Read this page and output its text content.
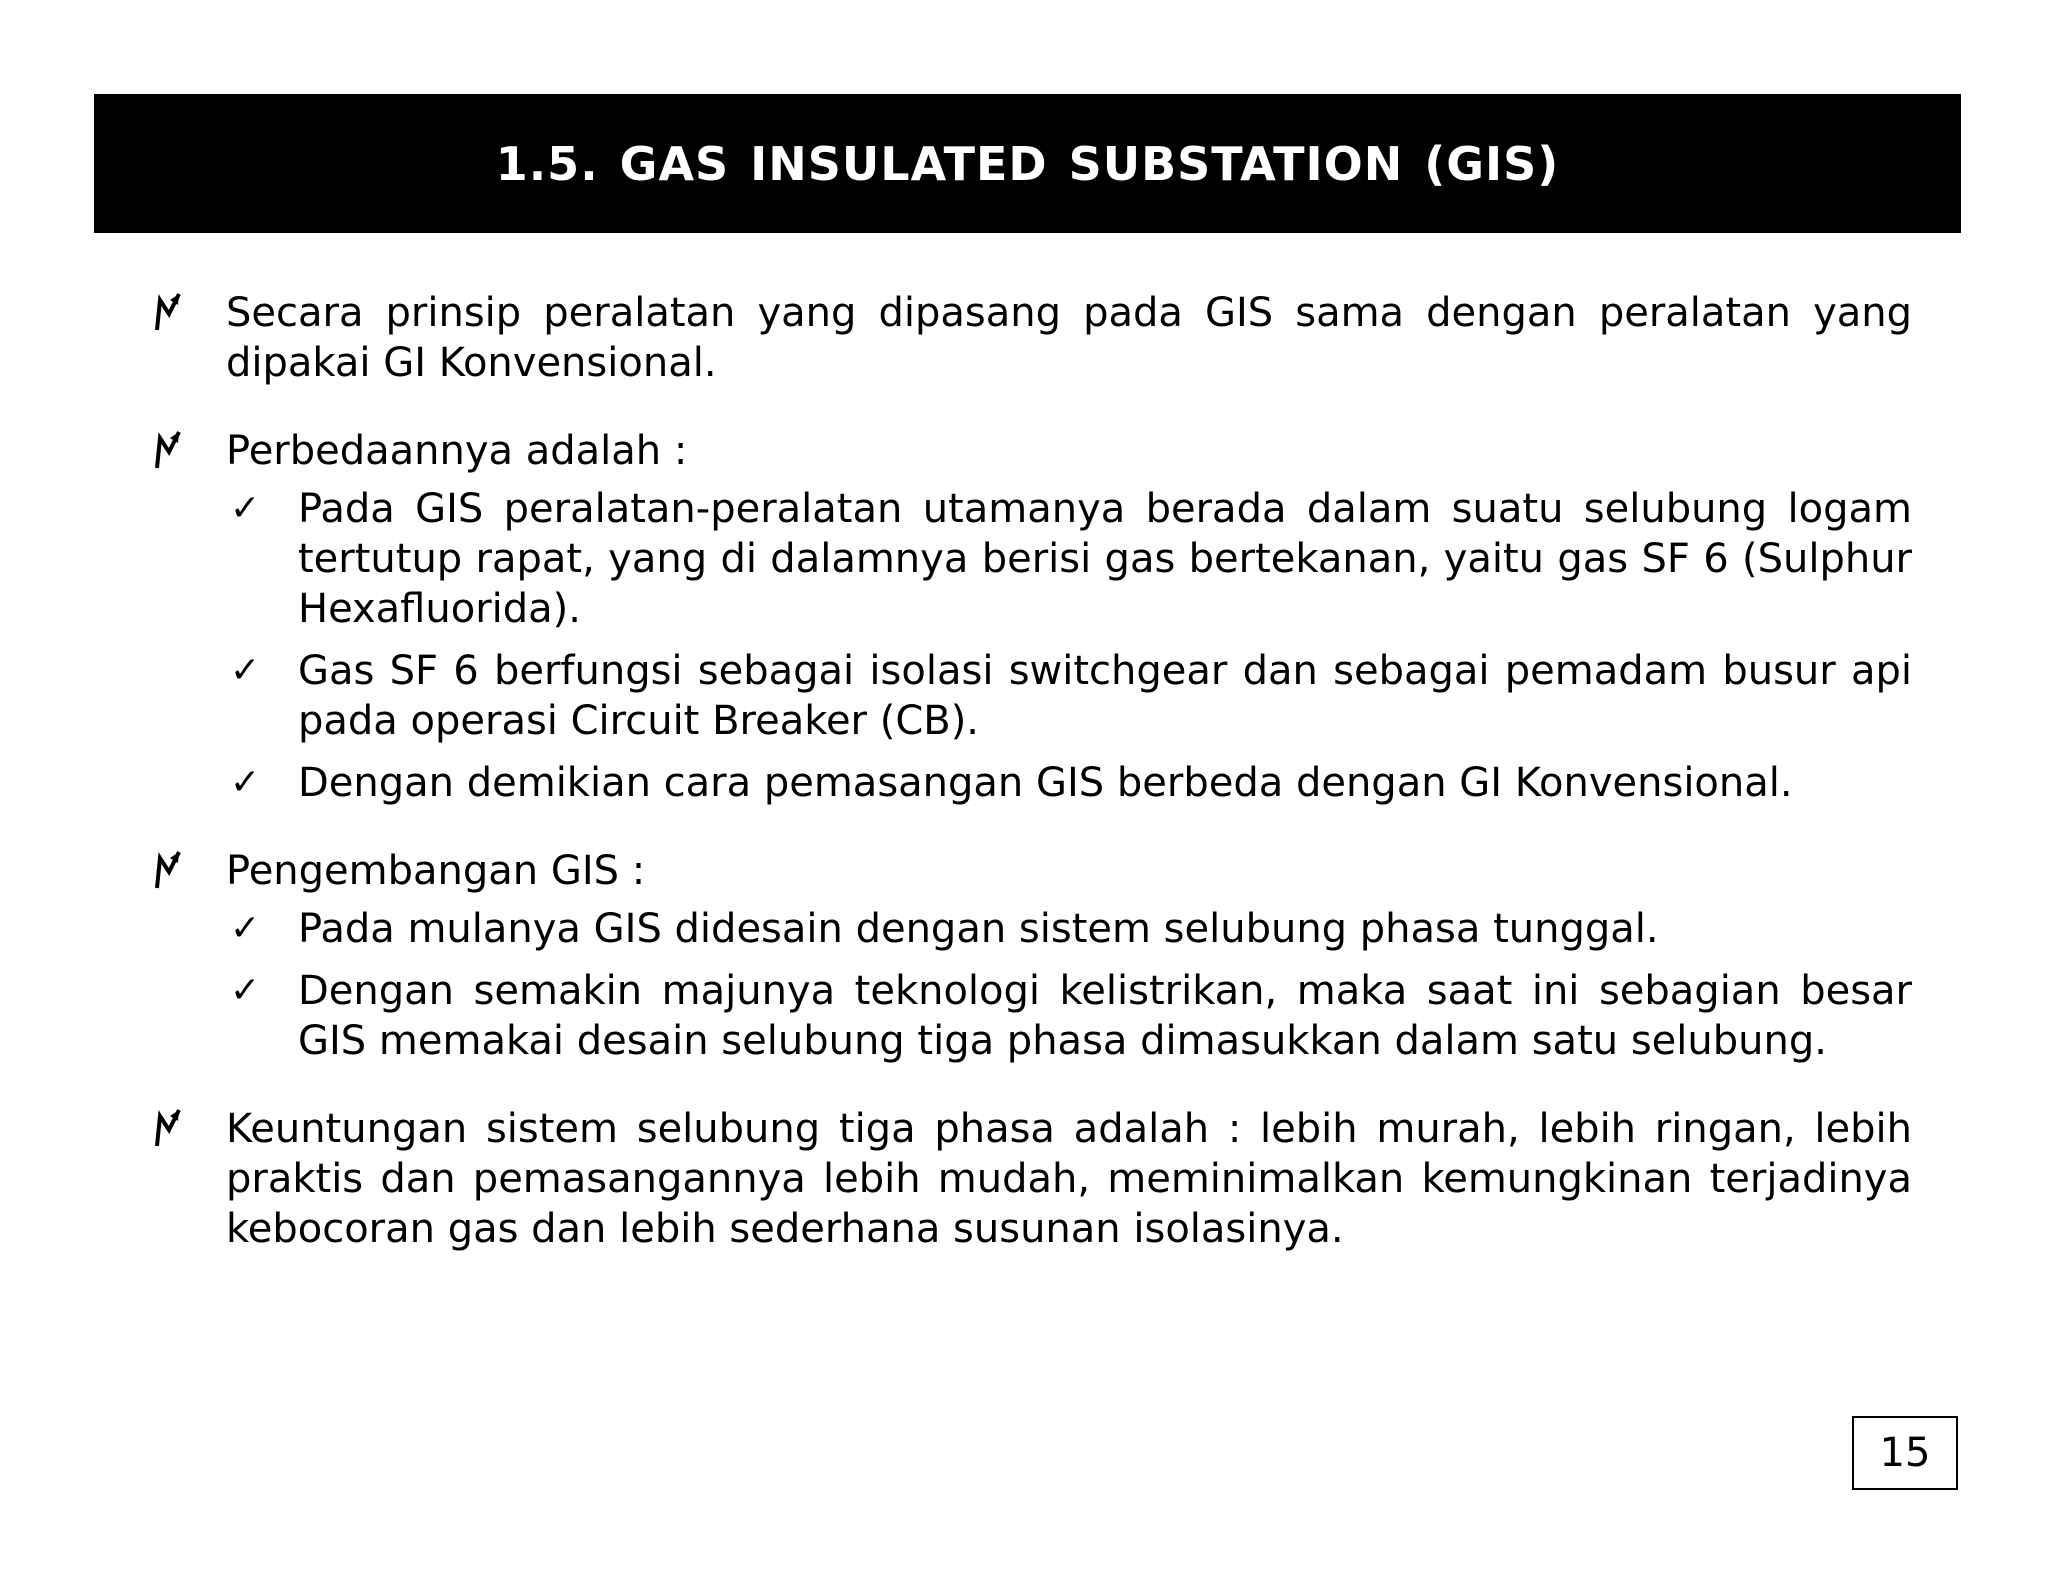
1.5. GAS INSULATED SUBSTATION (GIS)
Secara prinsip peralatan yang dipasang pada GIS sama dengan peralatan yang dipakai GI Konvensional.
Perbedaannya adalah :
✓ Pada GIS peralatan-peralatan utamanya berada dalam suatu selubung logam tertutup rapat, yang di dalamnya berisi gas bertekanan, yaitu gas SF 6 (Sulphur Hexafluorida).
✓ Gas SF 6 berfungsi sebagai isolasi switchgear dan sebagai pemadam busur api pada operasi Circuit Breaker (CB).
✓ Dengan demikian cara pemasangan GIS berbeda dengan GI Konvensional.
Pengembangan GIS :
✓ Pada mulanya GIS didesain dengan sistem selubung phasa tunggal.
✓ Dengan semakin majunya teknologi kelistrikan, maka saat ini sebagian besar GIS memakai desain selubung tiga phasa dimasukkan dalam satu selubung.
Keuntungan sistem selubung tiga phasa adalah : lebih murah, lebih ringan, lebih praktis dan pemasangannya lebih mudah, meminimalkan kemungkinan terjadinya kebocoran gas dan lebih sederhana susunan isolasinya.
15
